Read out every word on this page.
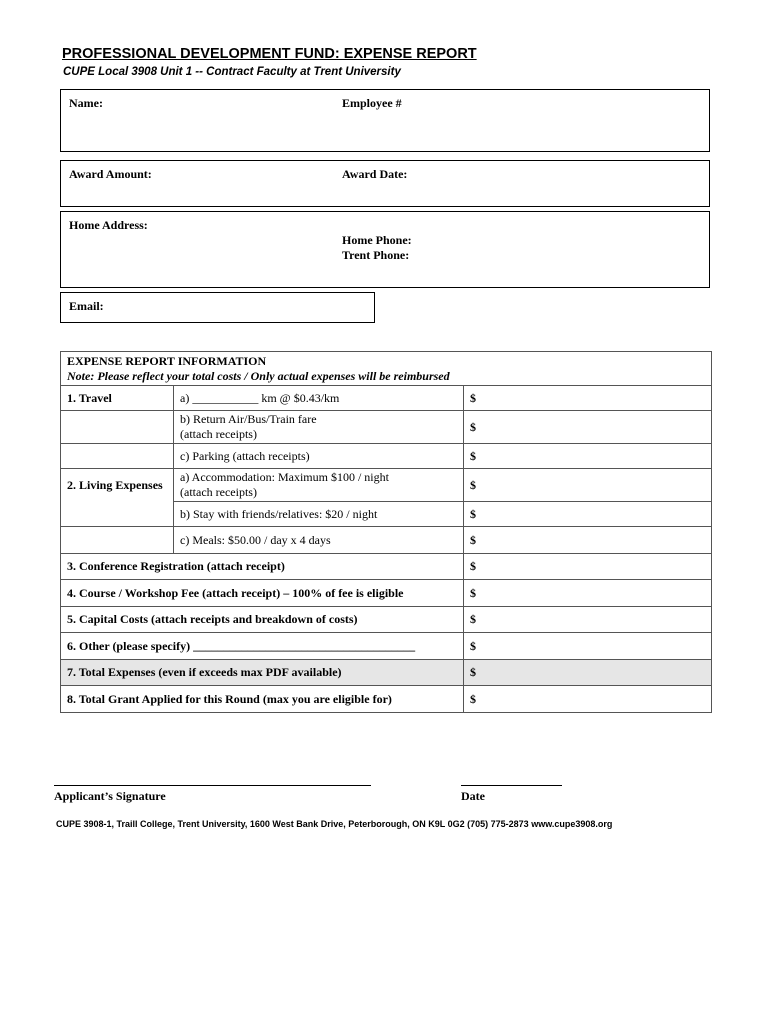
PROFESSIONAL DEVELOPMENT FUND: EXPENSE REPORT
CUPE Local 3908 Unit 1 -- Contract Faculty at Trent University
Name:	Employee #
Award Amount:	Award Date:
Home Address:
Home Phone:
Trent Phone:
Email:
EXPENSE REPORT INFORMATION
Note: Please reflect your total costs / Only actual expenses will be reimbursed		

1. Travel	a) ___________ km @ $0.43/km	$

	b) Return Air/Bus/Train fare
(attach receipts)	$
	c) Parking (attach receipts)	$
2. Living Expenses	a) Accommodation: Maximum $100 / night
(attach receipts)	$
	b) Stay with friends/relatives: $20 / night	$
	c) Meals: $50.00 / day x 4 days	$
3. Conference Registration (attach receipt)		$
4. Course / Workshop Fee (attach receipt) – 100% of fee is eligible		$
5. Capital Costs (attach receipts and breakdown of costs)		$
6. Other (please specify) _____________________________________		$
7. Total Expenses (even if exceeds max PDF available)		$
8. Total Grant Applied for this Round (max you are eligible for)		$
Applicant’s Signature	Date
CUPE 3908-1, Traill College, Trent University, 1600 West Bank Drive, Peterborough, ON K9L 0G2 (705) 775-2873 www.cupe3908.org
